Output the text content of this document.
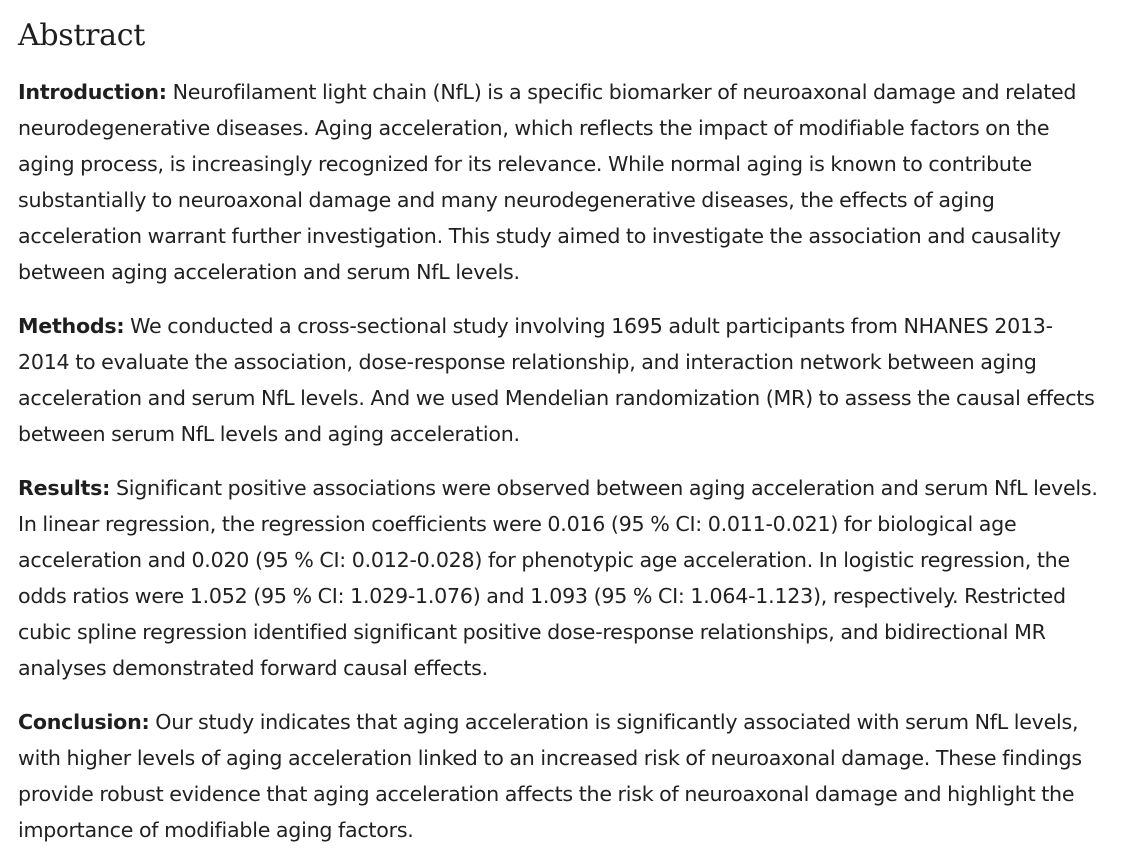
Abstract

Introduction: Neurofilament light chain (NfL) is a specific biomarker of neuroaxonal damage and related neurodegenerative diseases. Aging acceleration, which reflects the impact of modifiable factors on the aging process, is increasingly recognized for its relevance. While normal aging is known to contribute substantially to neuroaxonal damage and many neurodegenerative diseases, the effects of aging acceleration warrant further investigation. This study aimed to investigate the association and causality between aging acceleration and serum NfL levels.

Methods: We conducted a cross-sectional study involving 1695 adult participants from NHANES 2013-2014 to evaluate the association, dose-response relationship, and interaction network between aging acceleration and serum NfL levels. And we used Mendelian randomization (MR) to assess the causal effects between serum NfL levels and aging acceleration.

Results: Significant positive associations were observed between aging acceleration and serum NfL levels. In linear regression, the regression coefficients were 0.016 (95 % CI: 0.011-0.021) for biological age acceleration and 0.020 (95 % CI: 0.012-0.028) for phenotypic age acceleration. In logistic regression, the odds ratios were 1.052 (95 % CI: 1.029-1.076) and 1.093 (95 % CI: 1.064-1.123), respectively. Restricted cubic spline regression identified significant positive dose-response relationships, and bidirectional MR analyses demonstrated forward causal effects.

Conclusion: Our study indicates that aging acceleration is significantly associated with serum NfL levels, with higher levels of aging acceleration linked to an increased risk of neuroaxonal damage. These findings provide robust evidence that aging acceleration affects the risk of neuroaxonal damage and highlight the importance of modifiable aging factors.
